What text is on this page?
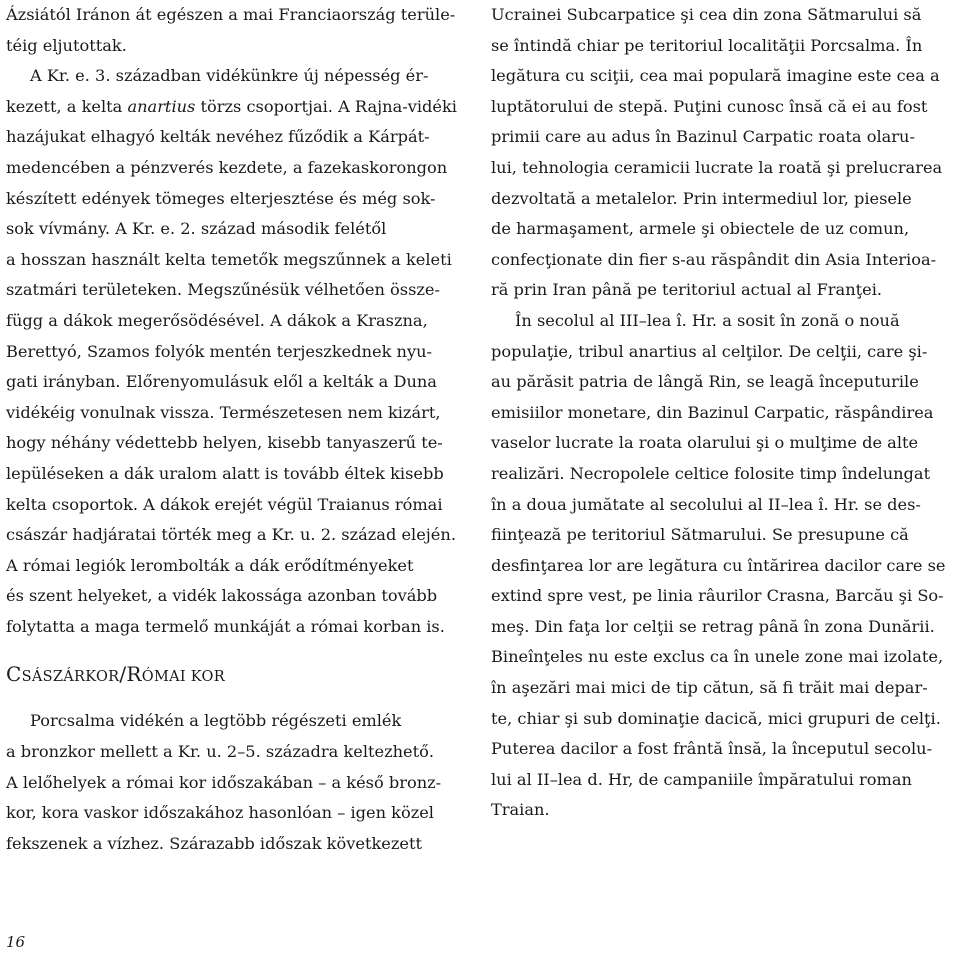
Ázsiától Iránon át egészen a mai Franciaország terüle-
téig eljutottak.
A Kr. e. 3. században vidékünkre új népesség ér-
kezett, a kelta anartius törzs csoportjai. A Rajna-vidéki
hazájukat elhagyó kelták nevéhez fűződik a Kárpát-
medencében a pénzverés kezdete, a fazekaskorongon
készített edények tömeges elterjesztése és még sok-
sok vívmány. A Kr. e. 2. század második felétől
a hosszan használt kelta temetők megszűnnek a keleti
szatmári területeken. Megszűnésük vélhetően össze-
függ a dákok megerősödésével. A dákok a Kraszna,
Berettyó, Szamos folyók mentén terjeszkednek nyu-
gati irányban. Előrenyomulásuk elől a kelták a Duna
vidékéig vonulnak vissza. Természetesen nem kizárt,
hogy néhány védettebb helyen, kisebb tanyaszerű te-
lepüléseken a dák uralom alatt is tovább éltek kisebb
kelta csoportok. A dákok erejét végül Traianus római
császár hadjáratai törték meg a Kr. u. 2. század elején.
A római legiók lerombolták a dák erődítményeket
és szent helyeket, a vidék lakossága azonban tovább
folytatta a maga termelő munkáját a római korban is.
CSÁSZÁRKOR/RÓMAI KOR
Porcsalma vidékén a legtöbb régészeti emlék
a bronzkor mellett a Kr. u. 2–5. századra keltezhető.
A lelőhelyek a római kor időszakában – a késő bronz-
kor, kora vaskor időszakához hasonlóan – igen közel
fekszenek a vízhez. Szárazabb időszak következett
Ucrainei Subcarpatice şi cea din zona Sătmarului să
se întindă chiar pe teritoriul localităţii Porcsalma. În
legătura cu sciţii, cea mai populară imagine este cea a
luptătorului de stepă. Puţini cunosc însă că ei au fost
primii care au adus în Bazinul Carpatic roata olaru-
lui, tehnologia ceramicii lucrate la roată şi prelucrarea
dezvoltată a metalelor. Prin intermediul lor, piesele
de harmaşament, armele şi obiectele de uz comun,
confecţionate din fier s-au răspândit din Asia Interioa-
ră prin Iran până pe teritoriul actual al Franţei.
În secolul al III–lea î. Hr. a sosit în zonă o nouă
populaţie, tribul anartius al celţilor. De celţii, care şi-
au părăsit patria de lângă Rin, se leagă începuturile
emisiilor monetare, din Bazinul Carpatic, răspândirea
vaselor lucrate la roata olarului şi o mulţime de alte
realizări. Necropolele celtice folosite timp îndelungat
în a doua jumătate al secolului al II–lea î. Hr. se des-
fiinţează pe teritoriul Sătmarului. Se presupune că
desfinţarea lor are legătura cu întărirea dacilor care se
extind spre vest, pe linia râurilor Crasna, Barcău şi So-
meş. Din faţa lor celţii se retrag până în zona Dunării.
Bineînţeles nu este exclus ca în unele zone mai izolate,
în aşezări mai mici de tip cătun, să fi trăit mai depar-
te, chiar şi sub dominaţie dacică, mici grupuri de celţi.
Puterea dacilor a fost frântă însă, la începutul secolu-
lui al II–lea d. Hr, de campaniile împăratului roman
Traian.
16
